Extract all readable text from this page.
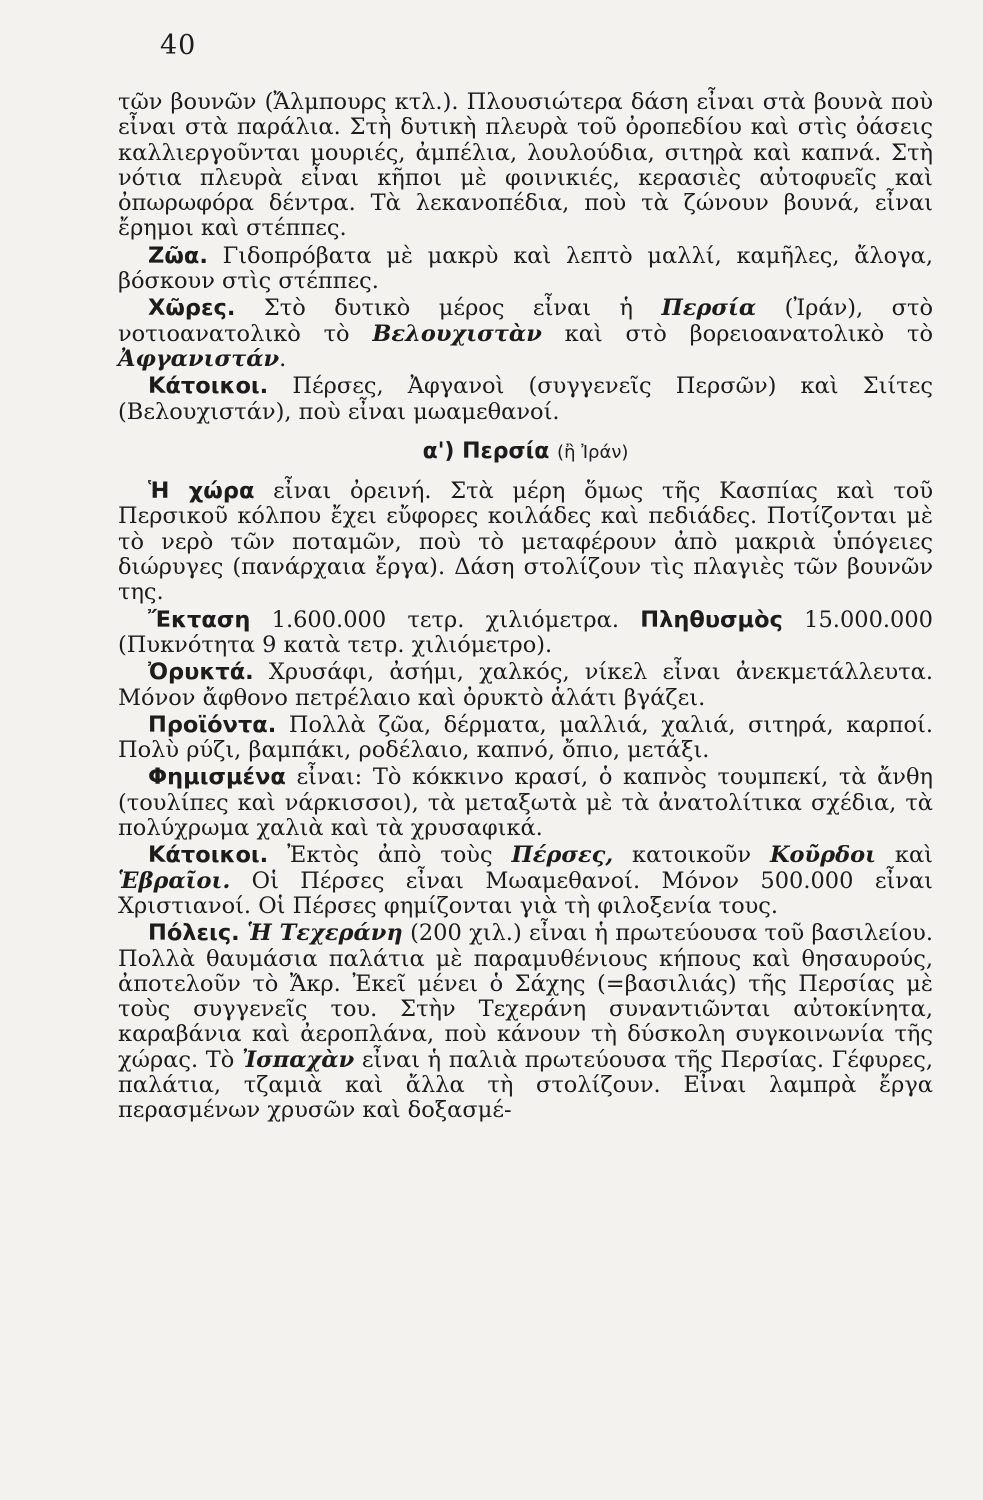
40

τῶν βουνῶν (Ἄλμπουρς κτλ.). Πλουσιώτερα δάση εἶναι στὰ βουνὰ ποὺ εἶναι στὰ παράλια. Στὴ δυτικὴ πλευρὰ τοῦ ὀροπεδίου καὶ στὶς ὀάσεις καλλιεργοῦνται μουριές, ἀμπέλια, λουλούδια, σιτηρὰ καὶ καπνά. Στὴ νότια πλευρὰ εἶναι κῆποι μὲ φοινικιές, κερασιὲς αὐτοφυεῖς καὶ ὀπωρωφόρα δέντρα. Τὰ λεκανοπέδια, ποὺ τὰ ζώνουν βουνά, εἶναι ἔρημοι καὶ στέππες.

Ζῶα. Γιδοπρόβατα μὲ μακρὺ καὶ λεπτὸ μαλλί, καμῆλες, ἄλογα, βόσκουν στὶς στέππες.

Χῶρες. Στὸ δυτικὸ μέρος εἶναι ἡ Περσία (Ἰράν), στὸ νοτιοανατολικὸ τὸ Βελουχιστὰν καὶ στὸ βορειοανατολικὸ τὸ Ἀφγανιστάν.

Κάτοικοι. Πέρσες, Ἀφγανοὶ (συγγενεῖς Περσῶν) καὶ Σιίτες (Βελουχιστάν), ποὺ εἶναι μωαμεθανοί.

α') Περσία (ἢ Ἰράν)

Ἡ χώρα εἶναι ὀρεινή. Στὰ μέρη ὅμως τῆς Κασπίας καὶ τοῦ Περσικοῦ κόλπου ἔχει εὔφορες κοιλάδες καὶ πεδιάδες. Ποτίζονται μὲ τὸ νερὸ τῶν ποταμῶν, ποὺ τὸ μεταφέρουν ἀπὸ μακριὰ ὑπόγειες διώρυγες (πανάρχαια ἔργα). Δάση στολίζουν τὶς πλαγιὲς τῶν βουνῶν της.

Ἔκταση 1.600.000 τετρ. χιλιόμετρα. Πληθυσμὸς 15.000.000 (Πυκνότητα 9 κατὰ τετρ. χιλιόμετρο).

Ὀρυκτά. Χρυσάφι, ἀσήμι, χαλκός, νίκελ εἶναι ἀνεκμετάλλευτα. Μόνον ἄφθονο πετρέλαιο καὶ ὀρυκτὸ ἁλάτι βγάζει.

Προϊόντα. Πολλὰ ζῶα, δέρματα, μαλλιά, χαλιά, σιτηρά, καρποί. Πολὺ ρύζι, βαμπάκι, ροδέλαιο, καπνό, ὄπιο, μετάξι.

Φημισμένα εἶναι: Τὸ κόκκινο κρασί, ὁ καπνὸς τουμπεκί, τὰ ἄνθη (τουλίπες καὶ νάρκισσοι), τὰ μεταξωτὰ μὲ τὰ ἀνατολίτικα σχέδια, τὰ πολύχρωμα χαλιὰ καὶ τὰ χρυσαφικά.

Κάτοικοι. Ἐκτὸς ἀπὸ τοὺς Πέρσες, κατοικοῦν Κοῦρδοι καὶ Ἑβραῖοι. Οἱ Πέρσες εἶναι Μωαμεθανοί. Μόνον 500.000 εἶναι Χριστιανοί. Οἱ Πέρσες φημίζονται γιὰ τὴ φιλοξενία τους.

Πόλεις. Ἡ Τεχεράνη (200 χιλ.) εἶναι ἡ πρωτεύουσα τοῦ βασιλείου. Πολλὰ θαυμάσια παλάτια μὲ παραμυθένιους κήπους καὶ θησαυρούς, ἀποτελοῦν τὸ Ἄκρ. Ἐκεῖ μένει ὁ Σάχης (=βασιλιάς) τῆς Περσίας μὲ τοὺς συγγενεῖς του. Στὴν Τεχεράνη συναντιῶνται αὐτοκίνητα, καραβάνια καὶ ἀεροπλάνα, ποὺ κάνουν τὴ δύσκολη συγκοινωνία τῆς χώρας. Τὸ Ἰσπαχὰν εἶναι ἡ παλιὰ πρωτεύουσα τῆς Περσίας. Γέφυρες, παλάτια, τζαμιὰ καὶ ἄλλα τὴ στολίζουν. Εἶναι λαμπρὰ ἔργα περασμένων χρυσῶν καὶ δοξασμέ-
